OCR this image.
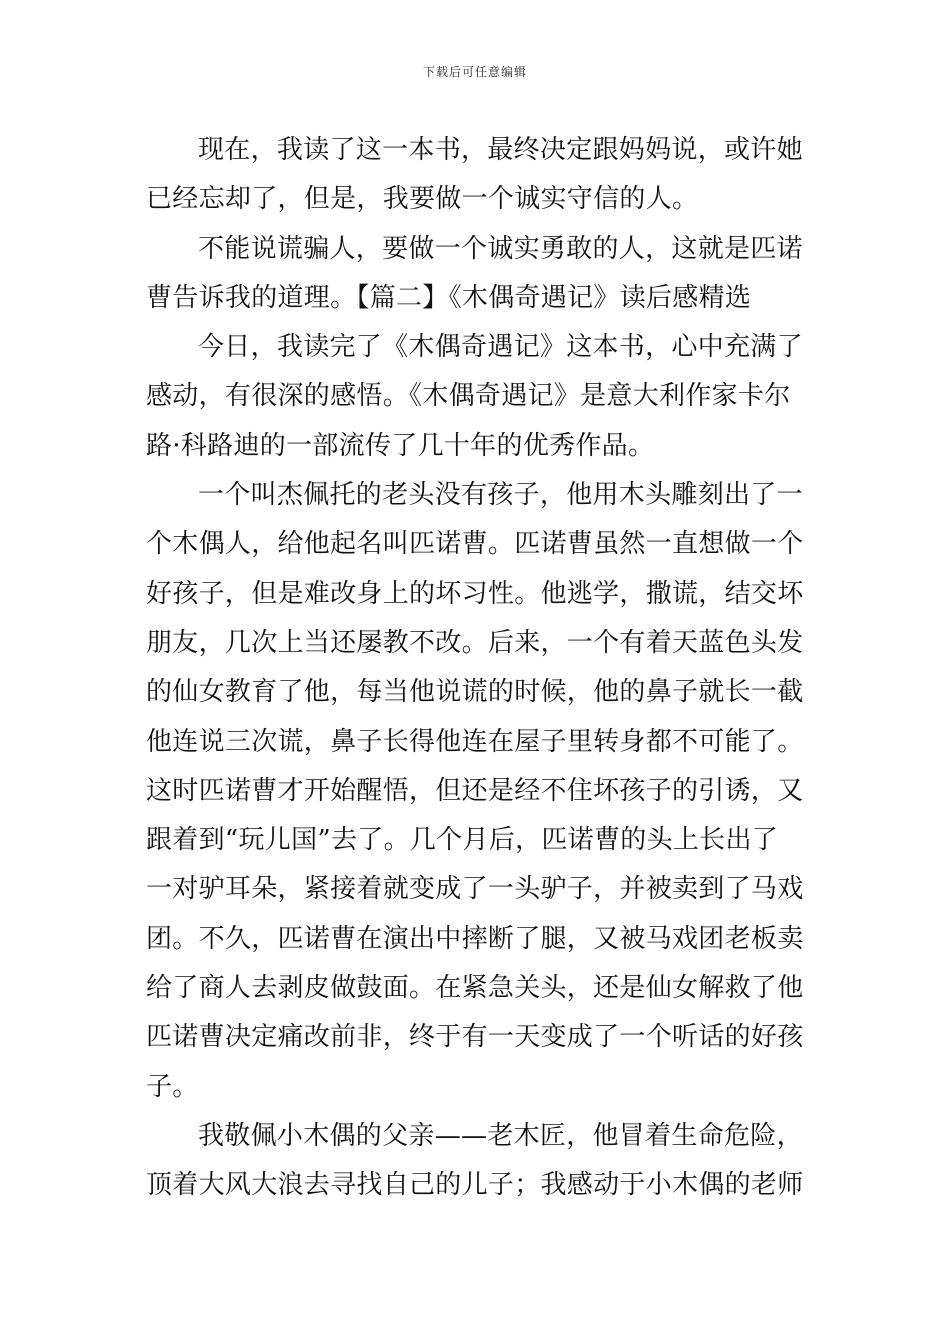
下载后可任意编辑
现在，我读了这一本书，最终决定跟妈妈说，或许她
已经忘却了，但是，我要做一个诚实守信的人。
不能说谎骗人，要做一个诚实勇敢的人，这就是匹诺
曹告诉我的道理。【篇二】《木偶奇遇记》读后感精选
今日，我读完了《木偶奇遇记》这本书，心中充满了
感动，有很深的感悟。《木偶奇遇记》是意大利作家卡尔
路·科路迪的一部流传了几十年的优秀作品。
一个叫杰佩托的老头没有孩子，他用木头雕刻出了一
个木偶人，给他起名叫匹诺曹。匹诺曹虽然一直想做一个
好孩子，但是难改身上的坏习性。他逃学，撒谎，结交坏
朋友，几次上当还屡教不改。后来，一个有着天蓝色头发
的仙女教育了他，每当他说谎的时候，他的鼻子就长一截
他连说三次谎，鼻子长得他连在屋子里转身都不可能了。
这时匹诺曹才开始醒悟，但还是经不住坏孩子的引诱，又
跟着到“玩儿国”去了。几个月后，匹诺曹的头上长出了
一对驴耳朵，紧接着就变成了一头驴子，并被卖到了马戏
团。不久，匹诺曹在演出中摔断了腿，又被马戏团老板卖
给了商人去剥皮做鼓面。在紧急关头，还是仙女解救了他
匹诺曹决定痛改前非，终于有一天变成了一个听话的好孩
子。
我敬佩小木偶的父亲——老木匠，他冒着生命危险，
顶着大风大浪去寻找自己的儿子；我感动于小木偶的老师
